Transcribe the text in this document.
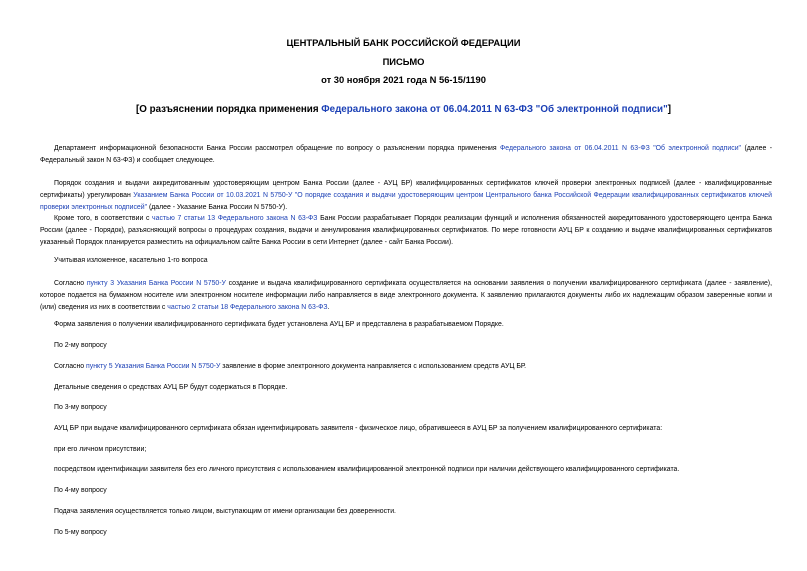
ЦЕНТРАЛЬНЫЙ БАНК РОССИЙСКОЙ ФЕДЕРАЦИИ
ПИСЬМО
от 30 ноября 2021 года N 56-15/1190
[О разъяснении порядка применения Федерального закона от 06.04.2011 N 63-ФЗ "Об электронной подписи"]

Департамент информационной безопасности Банка России рассмотрел обращение по вопросу о разъяснении порядка применения Федерального закона от 06.04.2011 N 63-ФЗ "Об электронной подписи" (далее - Федеральный закон N 63-ФЗ) и сообщает следующее.

Порядок создания и выдачи аккредитованным удостоверяющим центром Банка России (далее - АУЦ БР) квалифицированных сертификатов ключей проверки электронных подписей (далее - квалифицированные сертификаты) урегулирован Указанием Банка России от 10.03.2021 N 5750-У "О порядке создания и выдачи удостоверяющим центром Центрального банка Российской Федерации квалифицированных сертификатов ключей проверки электронных подписей" (далее - Указание Банка России N 5750-У).

Кроме того, в соответствии с частью 7 статьи 13 Федерального закона N 63-ФЗ Банк России разрабатывает Порядок реализации функций и исполнения обязанностей аккредитованного удостоверяющего центра Банка России (далее - Порядок), разъясняющий вопросы о процедурах создания, выдачи и аннулирования квалифицированных сертификатов. По мере готовности АУЦ БР к созданию и выдаче квалифицированных сертификатов указанный Порядок планируется разместить на официальном сайте Банка России в сети Интернет (далее - сайт Банка России).

Учитывая изложенное, касательно 1-го вопроса

Согласно пункту 3 Указания Банка России N 5750-У создание и выдача квалифицированного сертификата осуществляется на основании заявления о получении квалифицированного сертификата (далее - заявление), которое подается на бумажном носителе или электронном носителе информации либо направляется в виде электронного документа. К заявлению прилагаются документы либо их надлежащим образом заверенные копии и (или) сведения из них в соответствии с частью 2 статьи 18 Федерального закона N 63-ФЗ.

Форма заявления о получении квалифицированного сертификата будет установлена АУЦ БР и представлена в разрабатываемом Порядке.

По 2-му вопросу

Согласно пункту 5 Указания Банка России N 5750-У заявление в форме электронного документа направляется с использованием средств АУЦ БР.

Детальные сведения о средствах АУЦ БР будут содержаться в Порядке.

По 3-му вопросу

АУЦ БР при выдаче квалифицированного сертификата обязан идентифицировать заявителя - физическое лицо, обратившееся в АУЦ БР за получением квалифицированного сертификата:

при его личном присутствии;

посредством идентификации заявителя без его личного присутствия с использованием квалифицированной электронной подписи при наличии действующего квалифицированного сертификата.

По 4-му вопросу

Подача заявления осуществляется только лицом, выступающим от имени организации без доверенности.

По 5-му вопросу
